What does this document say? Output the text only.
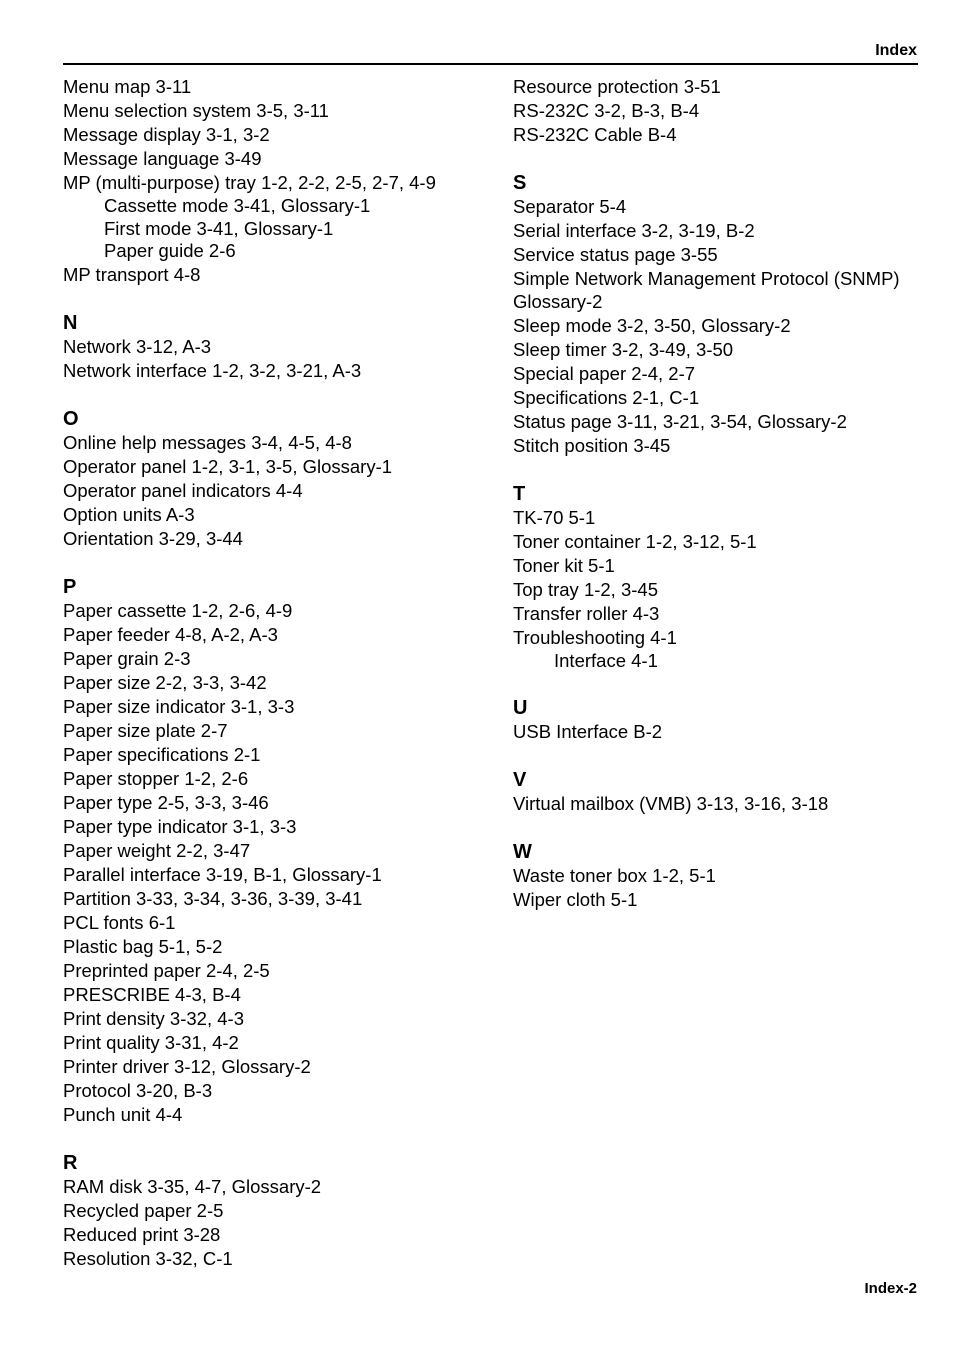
Index
Menu map 3-11
Menu selection system 3-5, 3-11
Message display 3-1, 3-2
Message language 3-49
MP (multi-purpose) tray 1-2, 2-2, 2-5, 2-7, 4-9
Cassette mode 3-41, Glossary-1
First mode 3-41, Glossary-1
Paper guide 2-6
MP transport 4-8
N
Network 3-12, A-3
Network interface 1-2, 3-2, 3-21, A-3
O
Online help messages 3-4, 4-5, 4-8
Operator panel 1-2, 3-1, 3-5, Glossary-1
Operator panel indicators 4-4
Option units A-3
Orientation 3-29, 3-44
P
Paper cassette 1-2, 2-6, 4-9
Paper feeder 4-8, A-2, A-3
Paper grain 2-3
Paper size 2-2, 3-3, 3-42
Paper size indicator 3-1, 3-3
Paper size plate 2-7
Paper specifications 2-1
Paper stopper 1-2, 2-6
Paper type 2-5, 3-3, 3-46
Paper type indicator 3-1, 3-3
Paper weight 2-2, 3-47
Parallel interface 3-19, B-1, Glossary-1
Partition 3-33, 3-34, 3-36, 3-39, 3-41
PCL fonts 6-1
Plastic bag 5-1, 5-2
Preprinted paper 2-4, 2-5
PRESCRIBE 4-3, B-4
Print density 3-32, 4-3
Print quality 3-31, 4-2
Printer driver 3-12, Glossary-2
Protocol 3-20, B-3
Punch unit 4-4
R
RAM disk 3-35, 4-7, Glossary-2
Recycled paper 2-5
Reduced print 3-28
Resolution 3-32, C-1
Resource protection 3-51
RS-232C 3-2, B-3, B-4
RS-232C Cable B-4
S
Separator 5-4
Serial interface 3-2, 3-19, B-2
Service status page 3-55
Simple Network Management Protocol (SNMP)
Glossary-2
Sleep mode 3-2, 3-50, Glossary-2
Sleep timer 3-2, 3-49, 3-50
Special paper 2-4, 2-7
Specifications 2-1, C-1
Status page 3-11, 3-21, 3-54, Glossary-2
Stitch position 3-45
T
TK-70 5-1
Toner container 1-2, 3-12, 5-1
Toner kit 5-1
Top tray 1-2, 3-45
Transfer roller 4-3
Troubleshooting 4-1
Interface 4-1
U
USB Interface B-2
V
Virtual mailbox (VMB) 3-13, 3-16, 3-18
W
Waste toner box 1-2, 5-1
Wiper cloth 5-1
Index-2
